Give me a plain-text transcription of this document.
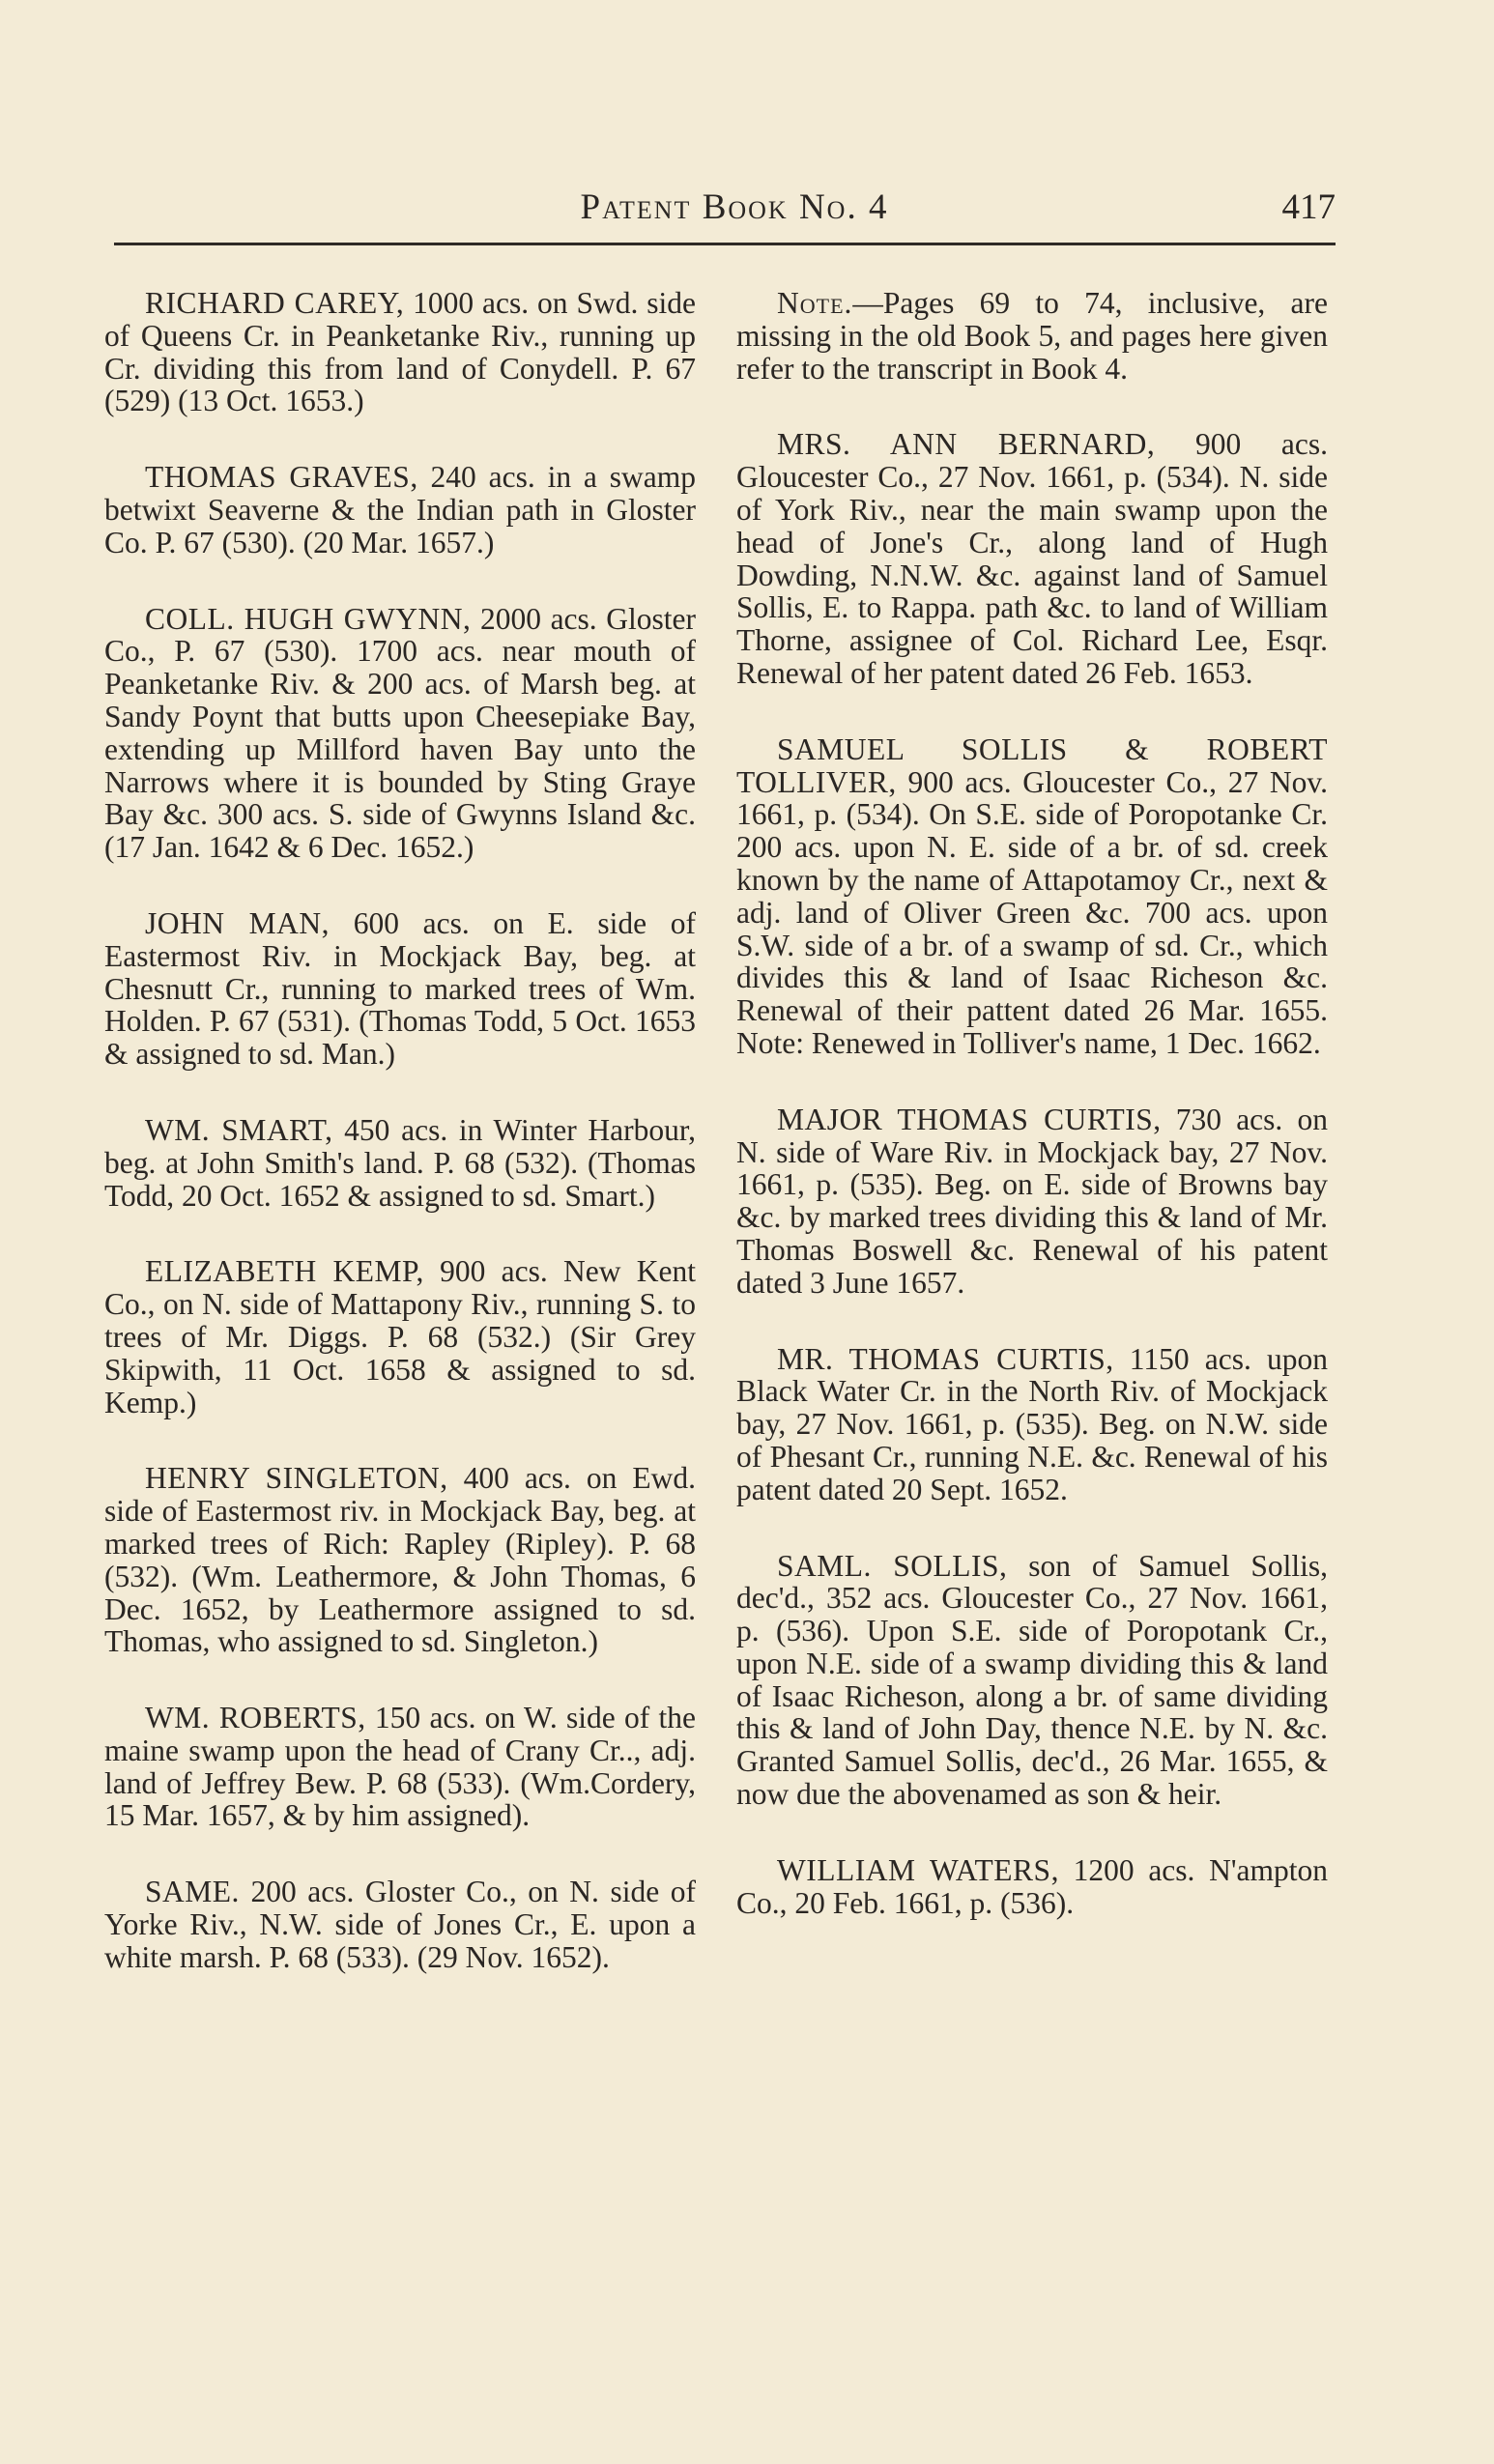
Patent Book No. 4	417

RICHARD CAREY, 1000 acs. on Swd. side of Queens Cr. in Peanketanke Riv., running up Cr. dividing this from land of Conydell. P. 67 (529) (13 Oct. 1653.)

THOMAS GRAVES, 240 acs. in a swamp betwixt Seaverne & the Indian path in Gloster Co. P. 67 (530). (20 Mar. 1657.)

COLL. HUGH GWYNN, 2000 acs. Gloster Co., P. 67 (530). 1700 acs. near mouth of Peanketanke Riv. & 200 acs. of Marsh beg. at Sandy Poynt that butts upon Cheesepiake Bay, extending up Millford haven Bay unto the Narrows where it is bounded by Sting Graye Bay &c. 300 acs. S. side of Gwynns Island &c. (17 Jan. 1642 & 6 Dec. 1652.)

JOHN MAN, 600 acs. on E. side of Eastermost Riv. in Mockjack Bay, beg. at Chesnutt Cr., running to marked trees of Wm. Holden. P. 67 (531). (Thomas Todd, 5 Oct. 1653 & assigned to sd. Man.)

WM. SMART, 450 acs. in Winter Harbour, beg. at John Smith's land. P. 68 (532). (Thomas Todd, 20 Oct. 1652 & assigned to sd. Smart.)

ELIZABETH KEMP, 900 acs. New Kent Co., on N. side of Mattapony Riv., running S. to trees of Mr. Diggs. P. 68 (532.) (Sir Grey Skipwith, 11 Oct. 1658 & assigned to sd. Kemp.)

HENRY SINGLETON, 400 acs. on Ewd. side of Eastermost riv. in Mockjack Bay, beg. at marked trees of Rich: Rapley (Ripley). P. 68 (532). (Wm. Leathermore, & John Thomas, 6 Dec. 1652, by Leathermore assigned to sd. Thomas, who assigned to sd. Singleton.)

WM. ROBERTS, 150 acs. on W. side of the maine swamp upon the head of Crany Cr.., adj. land of Jeffrey Bew. P. 68 (533). (Wm.Cordery, 15 Mar. 1657, & by him assigned).

SAME. 200 acs. Gloster Co., on N. side of Yorke Riv., N.W. side of Jones Cr., E. upon a white marsh. P. 68 (533). (29 Nov. 1652).

Note.—Pages 69 to 74, inclusive, are missing in the old Book 5, and pages here given refer to the transcript in Book 4.

MRS. ANN BERNARD, 900 acs. Gloucester Co., 27 Nov. 1661, p. (534). N. side of York Riv., near the main swamp upon the head of Jone's Cr., along land of Hugh Dowding, N.N.W. &c. against land of Samuel Sollis, E. to Rappa. path &c. to land of William Thorne, assignee of Col. Richard Lee, Esqr. Renewal of her patent dated 26 Feb. 1653.

SAMUEL SOLLIS & ROBERT TOLLIVER, 900 acs. Gloucester Co., 27 Nov. 1661, p. (534). On S.E. side of Poropotanke Cr. 200 acs. upon N. E. side of a br. of sd. creek known by the name of Attapotamoy Cr., next & adj. land of Oliver Green &c. 700 acs. upon S.W. side of a br. of a swamp of sd. Cr., which divides this & land of Isaac Richeson &c. Renewal of their pattent dated 26 Mar. 1655. Note: Renewed in Tolliver's name, 1 Dec. 1662.

MAJOR THOMAS CURTIS, 730 acs. on N. side of Ware Riv. in Mockjack bay, 27 Nov. 1661, p. (535). Beg. on E. side of Browns bay &c. by marked trees dividing this & land of Mr. Thomas Boswell &c. Renewal of his patent dated 3 June 1657.

MR. THOMAS CURTIS, 1150 acs. upon Black Water Cr. in the North Riv. of Mockjack bay, 27 Nov. 1661, p. (535). Beg. on N.W. side of Phesant Cr., running N.E. &c. Renewal of his patent dated 20 Sept. 1652.

SAML. SOLLIS, son of Samuel Sollis, dec'd., 352 acs. Gloucester Co., 27 Nov. 1661, p. (536). Upon S.E. side of Poropotank Cr., upon N.E. side of a swamp dividing this & land of Isaac Richeson, along a br. of same dividing this & land of John Day, thence N.E. by N. &c. Granted Samuel Sollis, dec'd., 26 Mar. 1655, & now due the abovenamed as son & heir.

WILLIAM WATERS, 1200 acs. N'ampton Co., 20 Feb. 1661, p. (536).
